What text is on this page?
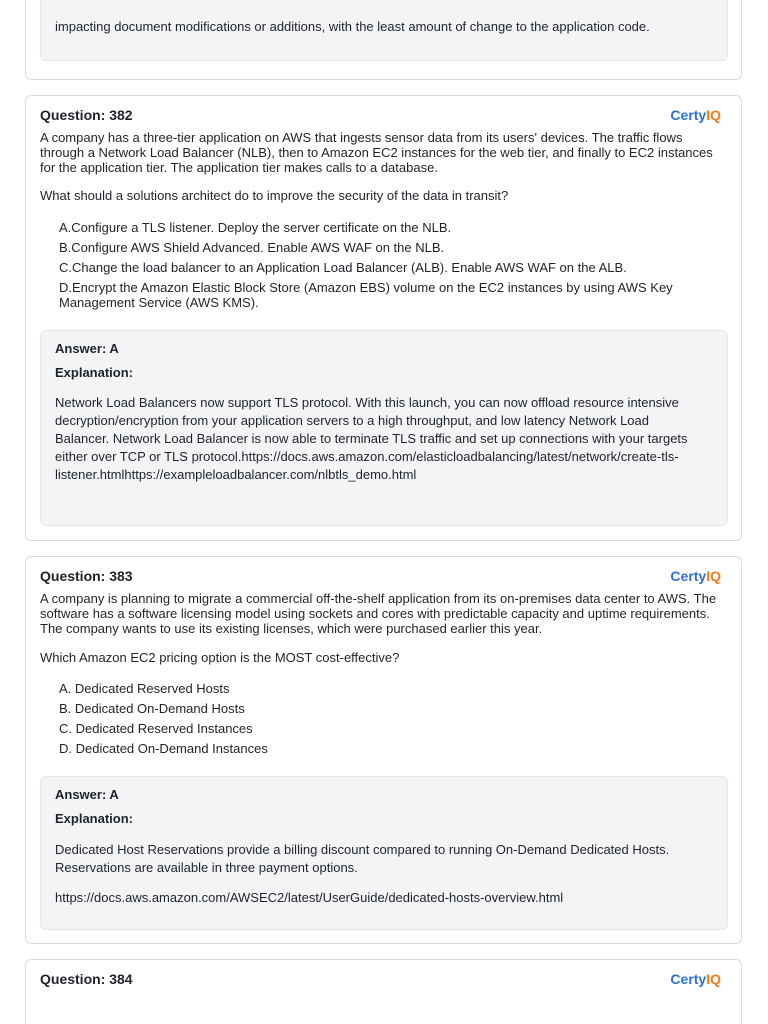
impacting document modifications or additions, with the least amount of change to the application code.
Question: 382	CertyIQ
A company has a three-tier application on AWS that ingests sensor data from its users' devices. The traffic flows through a Network Load Balancer (NLB), then to Amazon EC2 instances for the web tier, and finally to EC2 instances for the application tier. The application tier makes calls to a database.
What should a solutions architect do to improve the security of the data in transit?
A.Configure a TLS listener. Deploy the server certificate on the NLB.
B.Configure AWS Shield Advanced. Enable AWS WAF on the NLB.
C.Change the load balancer to an Application Load Balancer (ALB). Enable AWS WAF on the ALB.
D.Encrypt the Amazon Elastic Block Store (Amazon EBS) volume on the EC2 instances by using AWS Key Management Service (AWS KMS).
Answer: A
Explanation:
Network Load Balancers now support TLS protocol. With this launch, you can now offload resource intensive decryption/encryption from your application servers to a high throughput, and low latency Network Load Balancer. Network Load Balancer is now able to terminate TLS traffic and set up connections with your targets either over TCP or TLS protocol.https://docs.aws.amazon.com/elasticloadbalancing/latest/network/create-tls-listener.htmlhttps://exampleloadbalancer.com/nlbtls_demo.html
Question: 383	CertyIQ
A company is planning to migrate a commercial off-the-shelf application from its on-premises data center to AWS. The software has a software licensing model using sockets and cores with predictable capacity and uptime requirements. The company wants to use its existing licenses, which were purchased earlier this year.
Which Amazon EC2 pricing option is the MOST cost-effective?
A. Dedicated Reserved Hosts
B. Dedicated On-Demand Hosts
C. Dedicated Reserved Instances
D. Dedicated On-Demand Instances
Answer: A
Explanation:
Dedicated Host Reservations provide a billing discount compared to running On-Demand Dedicated Hosts. Reservations are available in three payment options.
https://docs.aws.amazon.com/AWSEC2/latest/UserGuide/dedicated-hosts-overview.html
Question: 384	CertyIQ
